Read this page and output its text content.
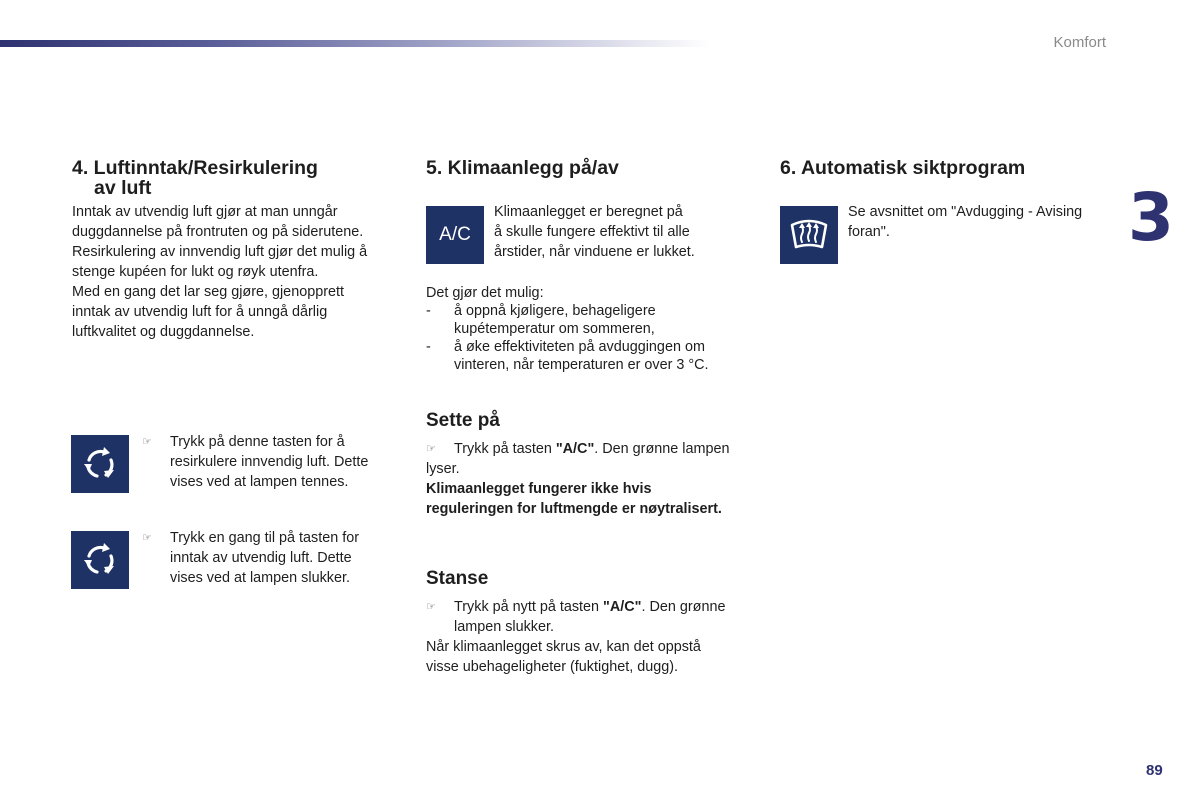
Komfort
3
89
4. Luftinntak/Resirkulering
av luft

Inntak av utvendig luft gjør at man unngår

duggdannelse på frontruten og på siderutene.

Resirkulering av innvendig luft gjør det mulig å

stenge kupéen for lukt og røyk utenfra.

Med en gang det lar seg gjøre, gjenopprett

inntak av utvendig luft for å unngå dårlig

luftkvalitet og duggdannelse.

☞ Trykk på denne tasten for å
resirkulere innvendig luft. Dette
vises ved at lampen tennes.
☞ Trykk en gang til på tasten for
inntak av utvendig luft. Dette
vises ved at lampen slukker.
5. Klimaanlegg på/av
A/C

Klimaanlegget er beregnet på

å skulle fungere effektivt til alle

årstider, når vinduene er lukket.

Det gjør det mulig:

- å oppnå kjøligere, behageligere
kupétemperatur om sommeren,
- å øke effektiviteten på avduggingen om
vinteren, når temperaturen er over 3 °C.
Sette på
☞ Trykk på tasten "A/C". Den grønne lampen
lyser.

Klimaanlegget fungerer ikke hvis

reguleringen for luftmengde er nøytralisert.

Stanse
☞ Trykk på nytt på tasten "A/C". Den grønne
lampen slukker.

Når klimaanlegget skrus av, kan det oppstå

visse ubehageligheter (fuktighet, dugg).

6. Automatisk siktprogram

Se avsnittet om "Avdugging - Avising

foran".
